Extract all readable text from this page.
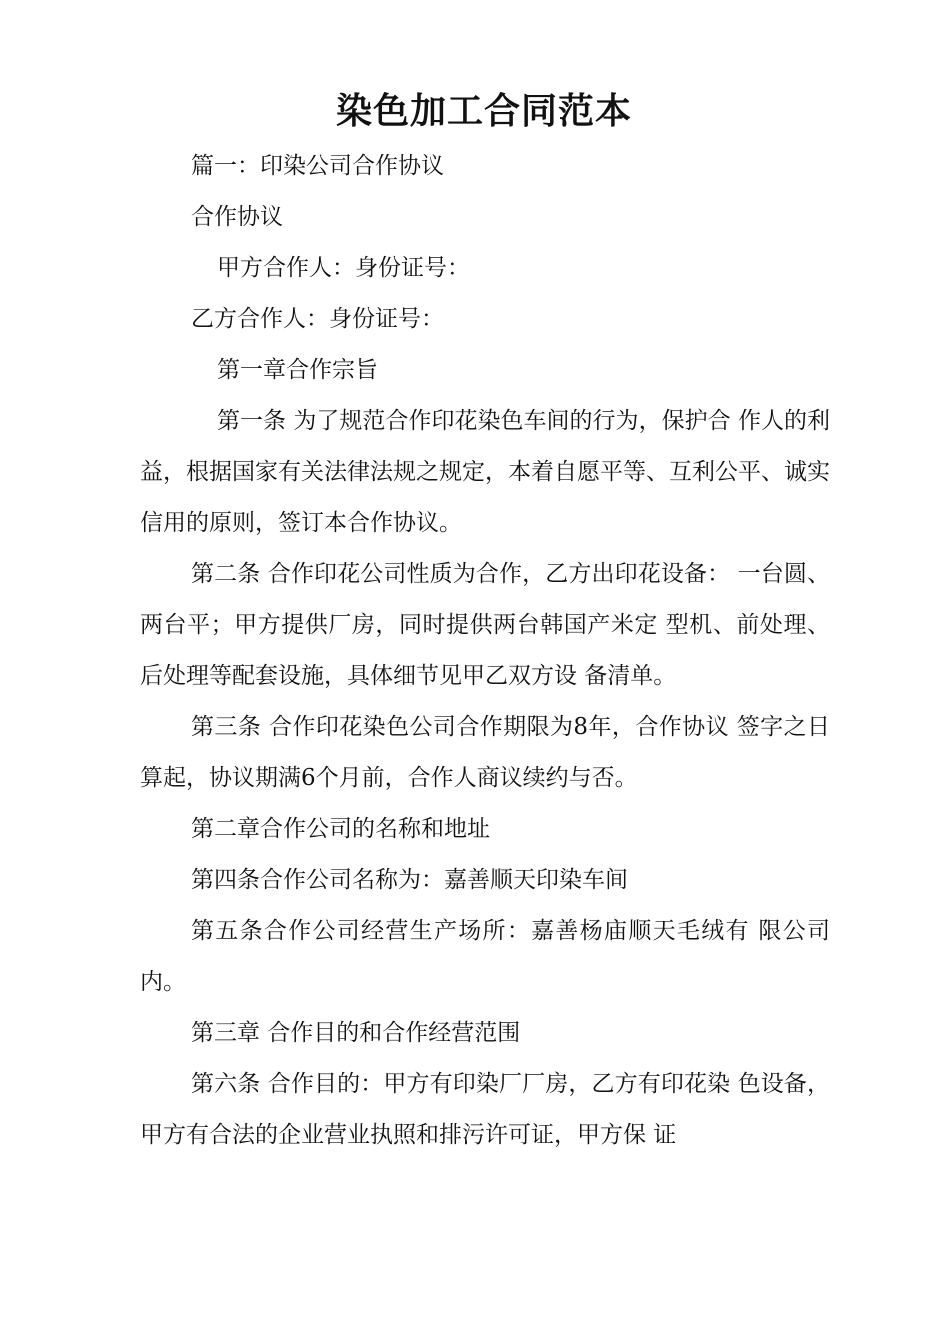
染色加工合同范本

篇一：印染公司合作协议

合作协议

甲方合作人：身份证号：

乙方合作人：身份证号：

第一章合作宗旨

第一条 为了规范合作印花染色车间的行为，保护合 作人的利益，根据国家有关法律法规之规定，本着自愿平等、互利公平、诚实信用的原则，签订本合作协议。

第二条 合作印花公司性质为合作，乙方出印花设备： 一台圆、两台平；甲方提供厂房，同时提供两台韩国产米定 型机、前处理、后处理等配套设施，具体细节见甲乙双方设 备清单。

第三条 合作印花染色公司合作期限为8年，合作协议 签字之日算起，协议期满6个月前，合作人商议续约与否。

第二章合作公司的名称和地址

第四条合作公司名称为：嘉善顺天印染车间

第五条合作公司经营生产场所：嘉善杨庙顺天毛绒有 限公司内。

第三章 合作目的和合作经营范围

第六条 合作目的：甲方有印染厂厂房，乙方有印花染 色设备，甲方有合法的企业营业执照和排污许可证，甲方保 证
